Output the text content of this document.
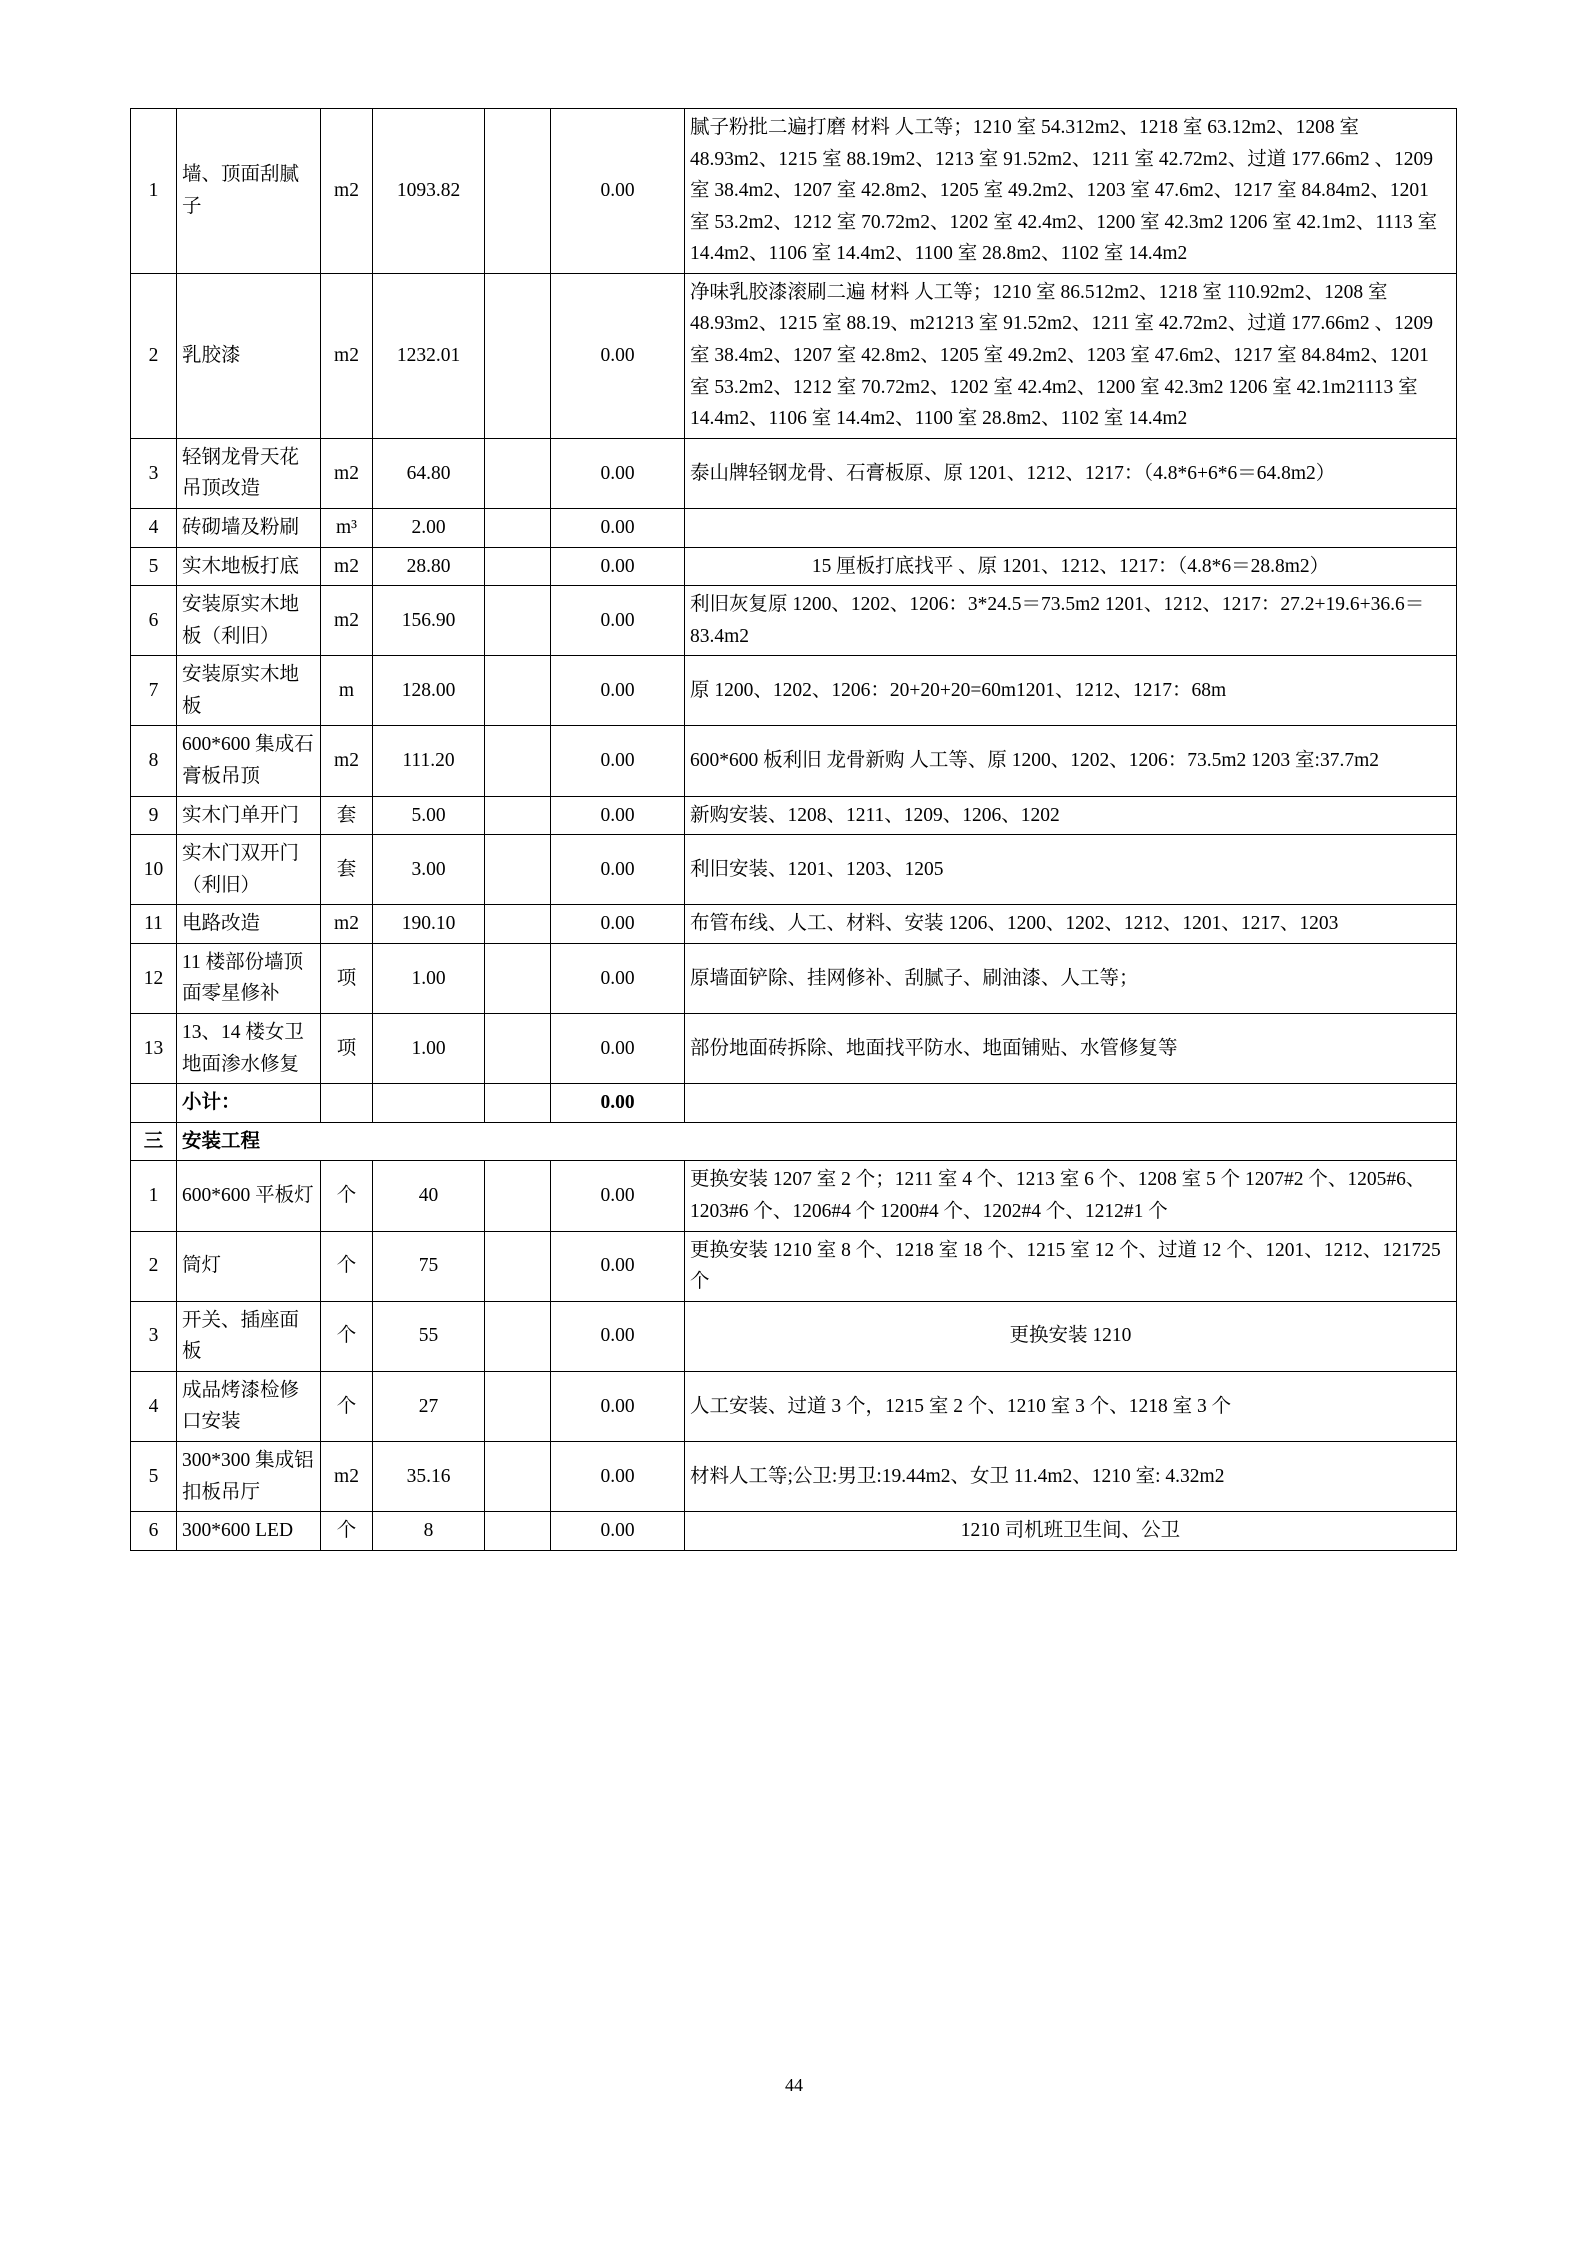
1	墙、顶面刮腻子	m2	1093.82		0.00	腻子粉批二遍打磨 材料 人工等；1210 室 54.312m2、1218 室 63.12m2、1208 室 48.93m2、1215 室 88.19m2、1213 室 91.52m2、1211 室 42.72m2、过道 177.66m2 、1209 室 38.4m2、1207 室 42.8m2、1205 室 49.2m2、1203 室 47.6m2、1217 室 84.84m2、1201 室 53.2m2、1212 室 70.72m2、1202 室 42.4m2、1200 室 42.3m2 1206 室 42.1m2、1113 室 14.4m2、1106 室 14.4m2、1100 室 28.8m2、1102 室 14.4m2
2	乳胶漆	m2	1232.01		0.00	净味乳胶漆滚刷二遍 材料 人工等；1210 室 86.512m2、1218 室 110.92m2、1208 室 48.93m2、1215 室 88.19、m21213 室 91.52m2、1211 室 42.72m2、过道 177.66m2 、1209 室 38.4m2、1207 室 42.8m2、1205 室 49.2m2、1203 室 47.6m2、1217 室 84.84m2、1201 室 53.2m2、1212 室 70.72m2、1202 室 42.4m2、1200 室 42.3m2 1206 室 42.1m21113 室 14.4m2、1106 室 14.4m2、1100 室 28.8m2、1102 室 14.4m2
3	轻钢龙骨天花吊顶改造	m2	64.80		0.00	泰山牌轻钢龙骨、石膏板原、原 1201、1212、1217：（4.8*6+6*6＝64.8m2）
4	砖砌墙及粉刷	m³	2.00		0.00	
5	实木地板打底	m2	28.80		0.00	15 厘板打底找平 、原 1201、1212、1217：（4.8*6＝28.8m2）
6	安装原实木地板（利旧）	m2	156.90		0.00	利旧灰复原 1200、1202、1206：3*24.5＝73.5m2 1201、1212、1217：27.2+19.6+36.6＝83.4m2
7	安装原实木地板	m	128.00		0.00	原 1200、1202、1206：20+20+20=60m1201、1212、1217：68m
8	600*600 集成石膏板吊顶	m2	111.20		0.00	600*600 板利旧 龙骨新购 人工等、原 1200、1202、1206：73.5m2 1203 室:37.7m2
9	实木门单开门	套	5.00		0.00	新购安装、1208、1211、1209、1206、1202
10	实木门双开门（利旧）	套	3.00		0.00	利旧安装、1201、1203、1205
11	电路改造	m2	190.10		0.00	布管布线、人工、材料、安装 1206、1200、1202、1212、1201、1217、1203
12	11 楼部份墙顶面零星修补	项	1.00		0.00	原墙面铲除、挂网修补、刮腻子、刷油漆、人工等；
13	13、14 楼女卫地面渗水修复	项	1.00		0.00	部份地面砖拆除、地面找平防水、地面铺贴、水管修复等
	小计：				0.00	
三	安装工程					
1	600*600 平板灯	个	40		0.00	更换安装 1207 室 2 个；1211 室 4 个、1213 室 6 个、1208 室 5 个 1207#2 个、1205#6、1203#6 个、1206#4 个 1200#4 个、1202#4 个、1212#1 个
2	筒灯	个	75		0.00	更换安装 1210 室 8 个、1218 室 18 个、1215 室 12 个、过道 12 个、1201、1212、121725 个
3	开关、插座面板	个	55		0.00	更换安装 1210
4	成品烤漆检修口安装	个	27		0.00	人工安装、过道 3 个，1215 室 2 个、1210 室 3 个、1218 室 3 个
5	300*300 集成铝扣板吊厅	m2	35.16		0.00	材料人工等;公卫:男卫:19.44m2、女卫 11.4m2、1210 室: 4.32m2
6	300*600 LED	个	8		0.00	1210 司机班卫生间、公卫
44
